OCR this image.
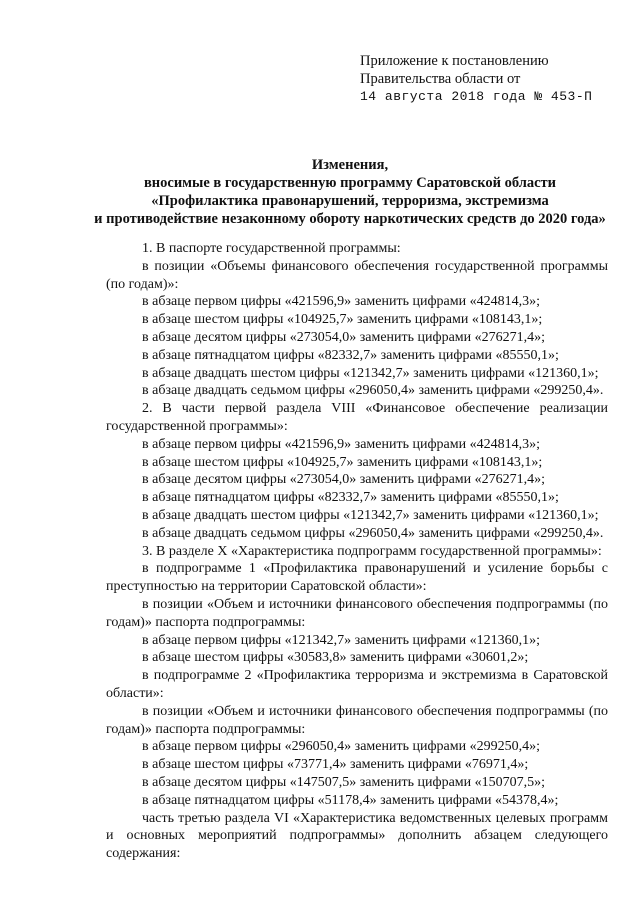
Приложение к постановлению
Правительства области от
14 августа 2018 года № 453-П
Изменения,
вносимые в государственную программу Саратовской области
«Профилактика правонарушений, терроризма, экстремизма
и противодействие незаконному обороту наркотических средств до 2020 года»

1. В паспорте государственной программы:

в позиции «Объемы финансового обеспечения государственной программы (по годам)»:

в абзаце первом цифры «421596,9» заменить цифрами «424814,3»;

в абзаце шестом цифры «104925,7» заменить цифрами «108143,1»;

в абзаце десятом цифры «273054,0» заменить цифрами «276271,4»;

в абзаце пятнадцатом цифры «82332,7» заменить цифрами «85550,1»;

в абзаце двадцать шестом цифры «121342,7» заменить цифрами «121360,1»;

в абзаце двадцать седьмом цифры «296050,4» заменить цифрами «299250,4».

2. В части первой раздела VIII «Финансовое обеспечение реализации государственной программы»:

в абзаце первом цифры «421596,9» заменить цифрами «424814,3»;

в абзаце шестом цифры «104925,7» заменить цифрами «108143,1»;

в абзаце десятом цифры «273054,0» заменить цифрами «276271,4»;

в абзаце пятнадцатом цифры «82332,7» заменить цифрами «85550,1»;

в абзаце двадцать шестом цифры «121342,7» заменить цифрами «121360,1»;

в абзаце двадцать седьмом цифры «296050,4» заменить цифрами «299250,4».

3. В разделе X «Характеристика подпрограмм государственной программы»:

в подпрограмме 1 «Профилактика правонарушений и усиление борьбы с преступностью на территории Саратовской области»:

в позиции «Объем и источники финансового обеспечения подпрограммы (по годам)» паспорта подпрограммы:

в абзаце первом цифры «121342,7» заменить цифрами «121360,1»;

в абзаце шестом цифры «30583,8» заменить цифрами «30601,2»;

в подпрограмме 2 «Профилактика терроризма и экстремизма в Саратовской области»:

в позиции «Объем и источники финансового обеспечения подпрограммы (по годам)» паспорта подпрограммы:

в абзаце первом цифры «296050,4» заменить цифрами «299250,4»;

в абзаце шестом цифры «73771,4» заменить цифрами «76971,4»;

в абзаце десятом цифры «147507,5» заменить цифрами «150707,5»;

в абзаце пятнадцатом цифры «51178,4» заменить цифрами «54378,4»;

часть третью раздела VI «Характеристика ведомственных целевых программ и основных мероприятий подпрограммы» дополнить абзацем следующего содержания:
